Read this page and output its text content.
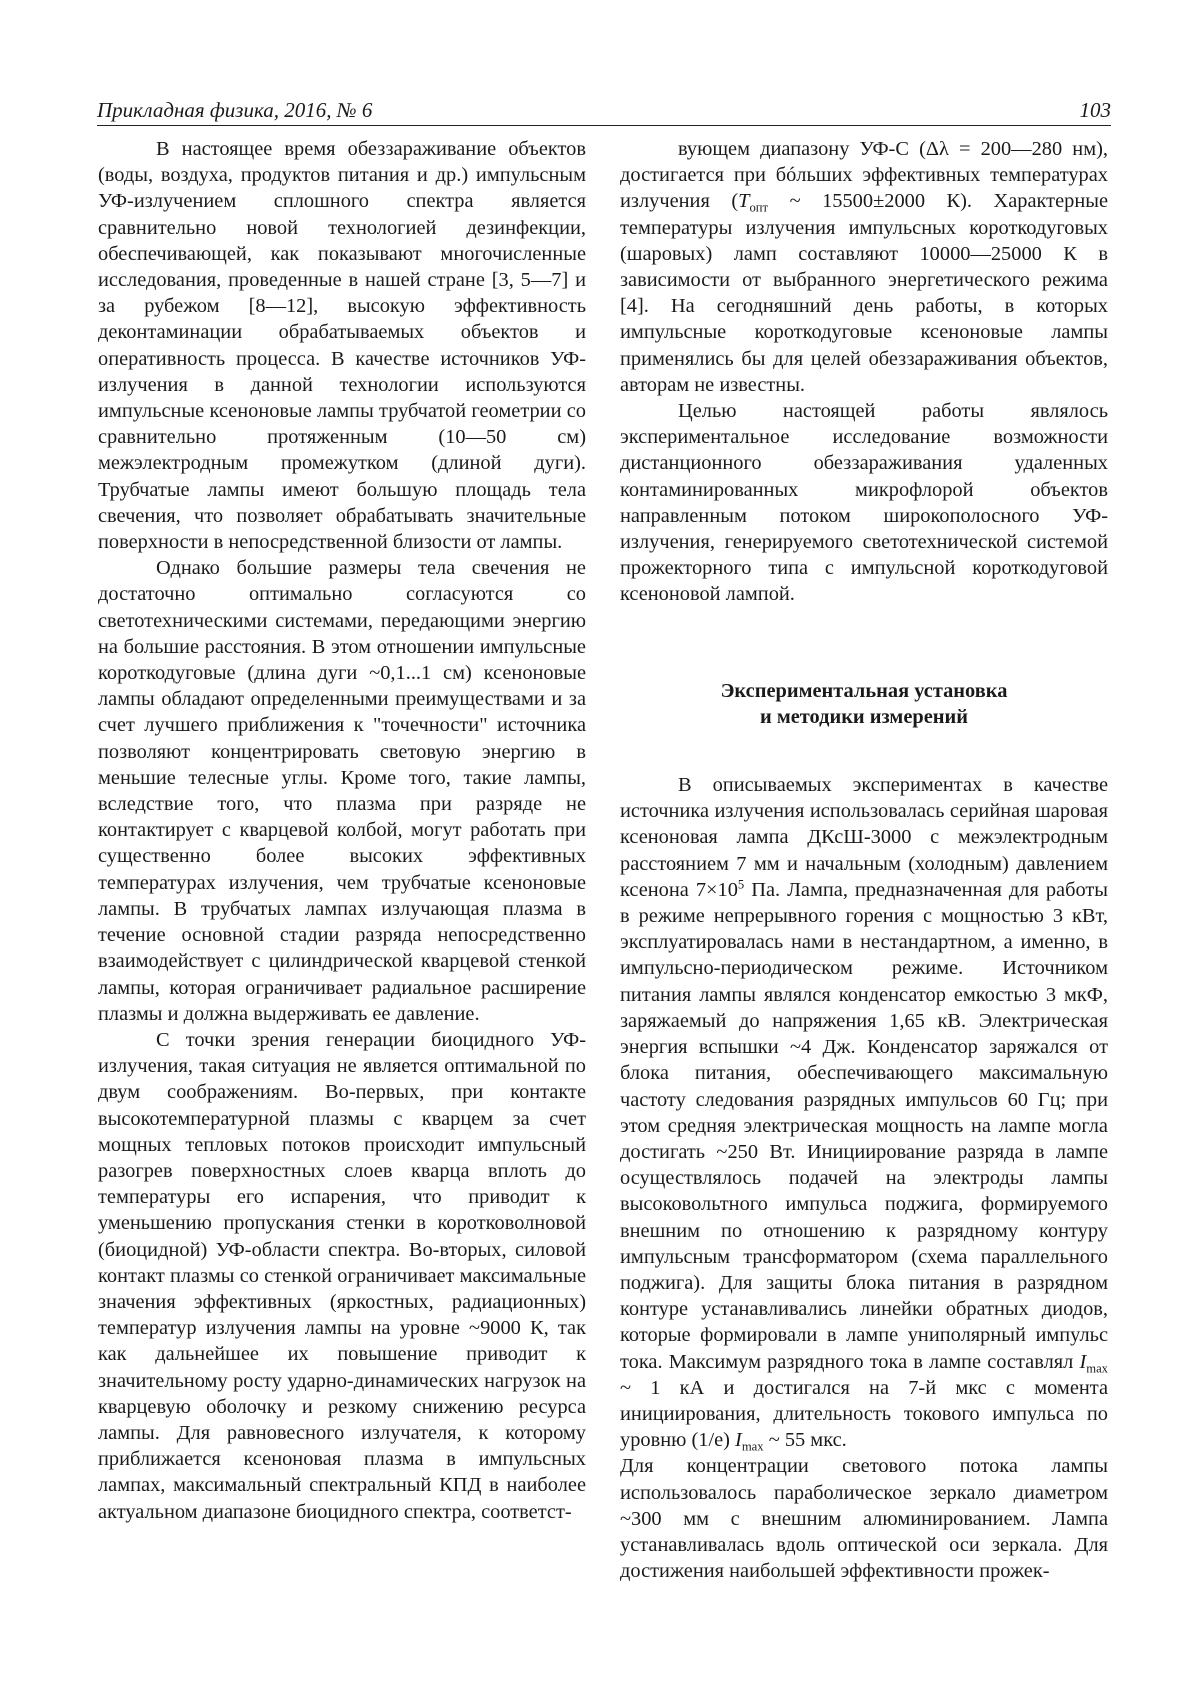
Прикладная физика, 2016, № 6	103

В настоящее время обеззараживание объектов (воды, воздуха, продуктов питания и др.) импульсным УФ-излучением сплошного спектра является сравнительно новой технологией дезинфекции, обеспечивающей, как показывают многочисленные исследования, проведенные в нашей стране [3, 5—7] и за рубежом [8—12], высокую эффективность деконтаминации обрабатываемых объектов и оперативность процесса. В качестве источников УФ-излучения в данной технологии используются импульсные ксеноновые лампы трубчатой геометрии со сравнительно протяженным (10—50 см) межэлектродным промежутком (длиной дуги). Трубчатые лампы имеют большую площадь тела свечения, что позволяет обрабатывать значительные поверхности в непосредственной близости от лампы.

Однако большие размеры тела свечения не достаточно оптимально согласуются со светотехническими системами, передающими энергию на большие расстояния. В этом отношении импульсные короткодуговые (длина дуги ~0,1...1 см) ксеноновые лампы обладают определенными преимуществами и за счет лучшего приближения к "точечности" источника позволяют концентрировать световую энергию в меньшие телесные углы. Кроме того, такие лампы, вследствие того, что плазма при разряде не контактирует с кварцевой колбой, могут работать при существенно более высоких эффективных температурах излучения, чем трубчатые ксеноновые лампы. В трубчатых лампах излучающая плазма в течение основной стадии разряда непосредственно взаимодействует с цилиндрической кварцевой стенкой лампы, которая ограничивает радиальное расширение плазмы и должна выдерживать ее давление.

С точки зрения генерации биоцидного УФ-излучения, такая ситуация не является оптимальной по двум соображениям. Во-первых, при контакте высокотемпературной плазмы с кварцем за счет мощных тепловых потоков происходит импульсный разогрев поверхностных слоев кварца вплоть до температуры его испарения, что приводит к уменьшению пропускания стенки в коротковолновой (биоцидной) УФ-области спектра. Во-вторых, силовой контакт плазмы со стенкой ограничивает максимальные значения эффективных (яркостных, радиационных) температур излучения лампы на уровне ~9000 К, так как дальнейшее их повышение приводит к значительному росту ударно-динамических нагрузок на кварцевую оболочку и резкому снижению ресурса лампы. Для равновесного излучателя, к которому приближается ксеноновая плазма в импульсных лампах, максимальный спектральный КПД в наиболее актуальном диапазоне биоцидного спектра, соответст-

вующем диапазону УФ-С (Δλ = 200—280 нм), достигается при бóльших эффективных температурах излучения ($T_{опт}$ ~ 15500±2000 К). Характерные температуры излучения импульсных короткодуговых (шаровых) ламп составляют 10000—25000 К в зависимости от выбранного энергетического режима [4]. На сегодняшний день работы, в которых импульсные короткодуговые ксеноновые лампы применялись бы для целей обеззараживания объектов, авторам не известны.

Целью настоящей работы являлось экспериментальное исследование возможности дистанционного обеззараживания удаленных контаминированных микрофлорой объектов направленным потоком широкополосного УФ-излучения, генерируемого светотехнической системой прожекторного типа с импульсной короткодуговой ксеноновой лампой.

Экспериментальная установка
и методики измерений

В описываемых экспериментах в качестве источника излучения использовалась серийная шаровая ксеноновая лампа ДКсШ-3000 с межэлектродным расстоянием 7 мм и начальным (холодным) давлением ксенона $7\times 10^5$ Па. Лампа, предназначенная для работы в режиме непрерывного горения с мощностью 3 кВт, эксплуатировалась нами в нестандартном, а именно, в импульсно-периодическом режиме. Источником питания лампы являлся конденсатор емкостью 3 мкФ, заряжаемый до напряжения 1,65 кВ. Электрическая энергия вспышки ~4 Дж. Конденсатор заряжался от блока питания, обеспечивающего максимальную частоту следования разрядных импульсов 60 Гц; при этом средняя электрическая мощность на лампе могла достигать ~250 Вт. Инициирование разряда в лампе осуществлялось подачей на электроды лампы высоковольтного импульса поджига, формируемого внешним по отношению к разрядному контуру импульсным трансформатором (схема параллельного поджига). Для защиты блока питания в разрядном контуре устанавливались линейки обратных диодов, которые формировали в лампе униполярный импульс тока. Максимум разрядного тока в лампе составлял $I_{max}$ ~ 1 кА и достигался на 7-й мкс с момента инициирования, длительность токового импульса по уровню (1/e) $I_{max}$ ~ 55 мкс.

Для концентрации светового потока лампы использовалось параболическое зеркало диаметром ~300 мм с внешним алюминированием. Лампа устанавливалась вдоль оптической оси зеркала. Для достижения наибольшей эффективности прожек-
